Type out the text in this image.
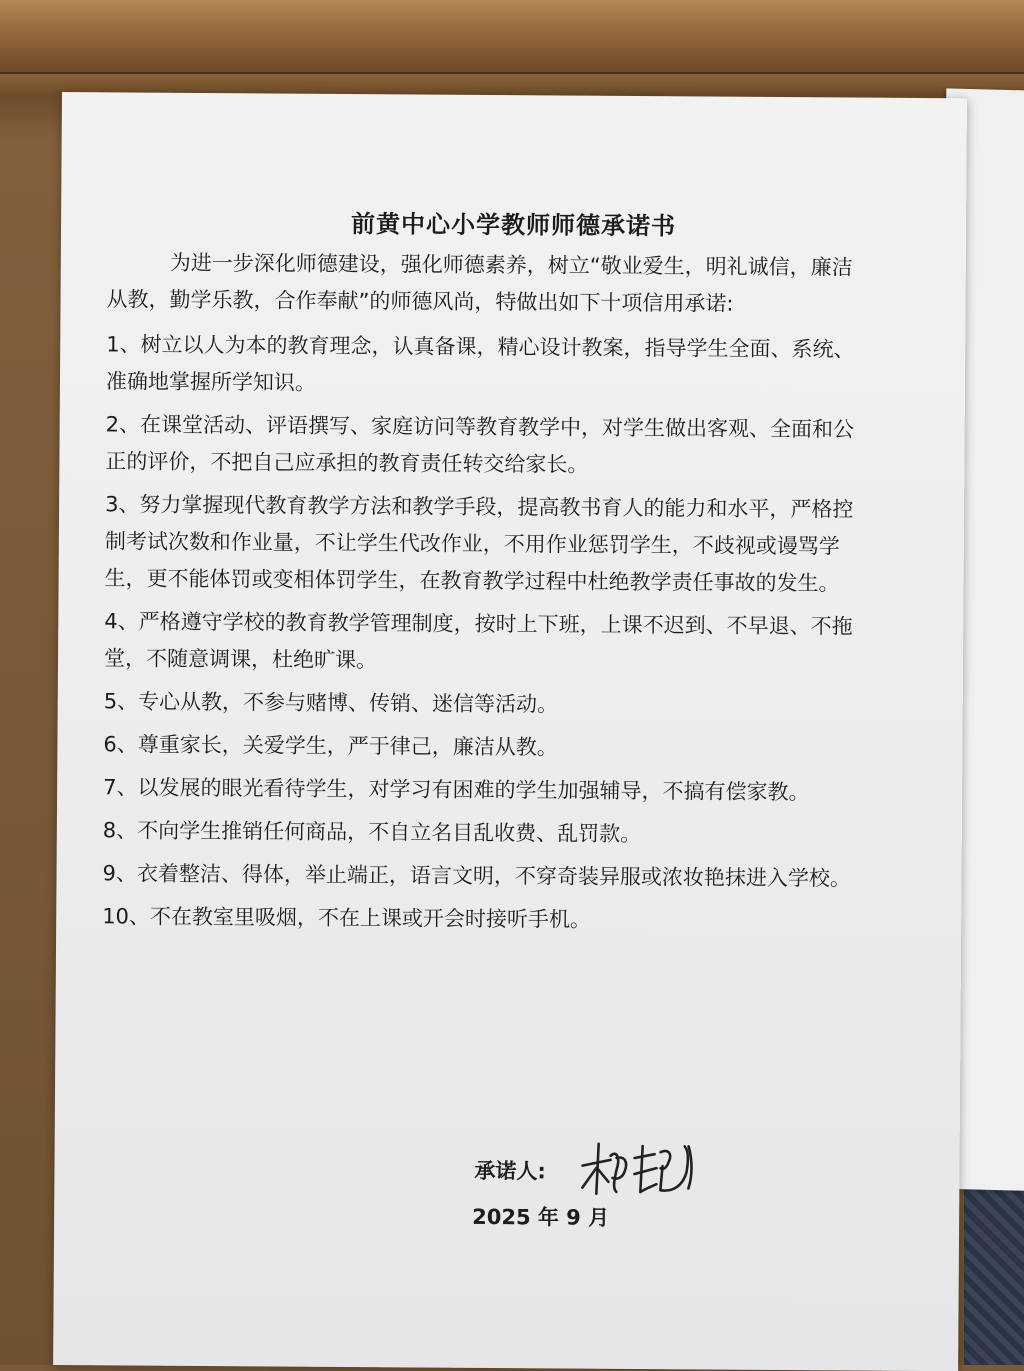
前黄中心小学教师师德承诺书

为进一步深化师德建设，强化师德素养，树立“敬业爱生，明礼诚信，廉洁从教，勤学乐教，合作奉献”的师德风尚，特做出如下十项信用承诺:

1、树立以人为本的教育理念，认真备课，精心设计教案，指导学生全面、系统、准确地掌握所学知识。

2、在课堂活动、评语撰写、家庭访问等教育教学中，对学生做出客观、全面和公正的评价，不把自己应承担的教育责任转交给家长。

3、努力掌握现代教育教学方法和教学手段，提高教书育人的能力和水平，严格控制考试次数和作业量，不让学生代改作业，不用作业惩罚学生，不歧视或谩骂学生，更不能体罚或变相体罚学生，在教育教学过程中杜绝教学责任事故的发生。

4、严格遵守学校的教育教学管理制度，按时上下班，上课不迟到、不早退、不拖堂，不随意调课，杜绝旷课。

5、专心从教，不参与赌博、传销、迷信等活动。

6、尊重家长，关爱学生，严于律己，廉洁从教。

7、以发展的眼光看待学生，对学习有困难的学生加强辅导，不搞有偿家教。

8、不向学生推销任何商品，不自立名目乱收费、乱罚款。

9、衣着整洁、得体，举止端正，语言文明，不穿奇装异服或浓妆艳抹进入学校。

10、不在教室里吸烟，不在上课或开会时接听手机。

承诺人:
2025 年 9 月
